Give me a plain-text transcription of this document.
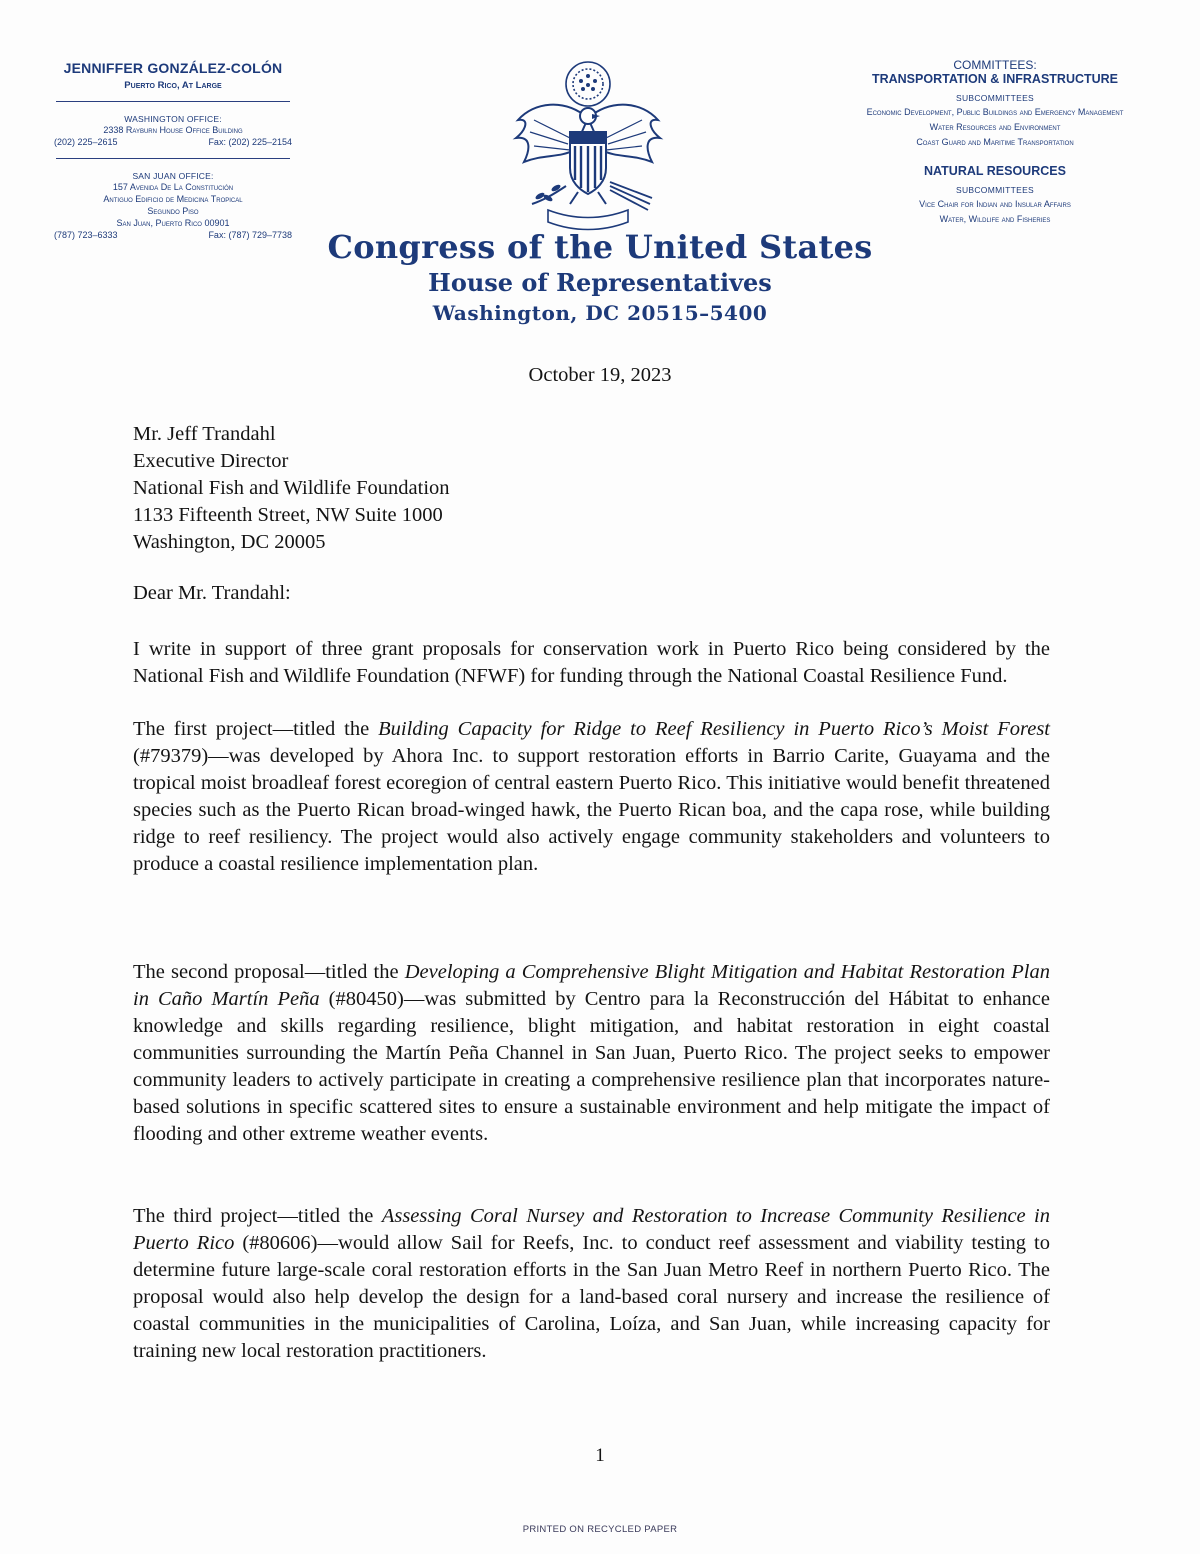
JENNIFFER GONZÁLEZ-COLÓN
Puerto Rico, At Large
WASHINGTON OFFICE:
2338 Rayburn House Office Building
(202) 225–2615	Fax: (202) 225–2154
SAN JUAN OFFICE:
157 Avenida De La Constitución
Antiguo Edificio de Medicina Tropical
Segundo Piso
San Juan, Puerto Rico 00901
(787) 723–6333	Fax: (787) 729–7738
COMMITTEES:
TRANSPORTATION & INFRASTRUCTURE
SUBCOMMITTEES
Economic Development, Public Buildings and Emergency Management
Water Resources and Environment
Coast Guard and Maritime Transportation
NATURAL RESOURCES
SUBCOMMITTEES
Vice Chair for Indian and Insular Affairs
Water, Wildlife and Fisheries
Congress of the United States
House of Representatives
Washington, DC 20515–5400
October 19, 2023
Mr. Jeff Trandahl
Executive Director
National Fish and Wildlife Foundation
1133 Fifteenth Street, NW Suite 1000
Washington, DC 20005
Dear Mr. Trandahl:

I write in support of three grant proposals for conservation work in Puerto Rico being considered by the National Fish and Wildlife Foundation (NFWF) for funding through the National Coastal Resilience Fund.

The first project—titled the Building Capacity for Ridge to Reef Resiliency in Puerto Rico’s Moist Forest (#79379)—was developed by Ahora Inc. to support restoration efforts in Barrio Carite, Guayama and the tropical moist broadleaf forest ecoregion of central eastern Puerto Rico. This initiative would benefit threatened species such as the Puerto Rican broad-winged hawk, the Puerto Rican boa, and the capa rose, while building ridge to reef resiliency. The project would also actively engage community stakeholders and volunteers to produce a coastal resilience implementation plan.

The second proposal—titled the Developing a Comprehensive Blight Mitigation and Habitat Restoration Plan in Caño Martín Peña (#80450)—was submitted by Centro para la Reconstrucción del Hábitat to enhance knowledge and skills regarding resilience, blight mitigation, and habitat restoration in eight coastal communities surrounding the Martín Peña Channel in San Juan, Puerto Rico. The project seeks to empower community leaders to actively participate in creating a comprehensive resilience plan that incorporates nature-based solutions in specific scattered sites to ensure a sustainable environment and help mitigate the impact of flooding and other extreme weather events.

The third project—titled the Assessing Coral Nursey and Restoration to Increase Community Resilience in Puerto Rico (#80606)—would allow Sail for Reefs, Inc. to conduct reef assessment and viability testing to determine future large-scale coral restoration efforts in the San Juan Metro Reef in northern Puerto Rico. The proposal would also help develop the design for a land-based coral nursery and increase the resilience of coastal communities in the municipalities of Carolina, Loíza, and San Juan, while increasing capacity for training new local restoration practitioners.

1
PRINTED ON RECYCLED PAPER
